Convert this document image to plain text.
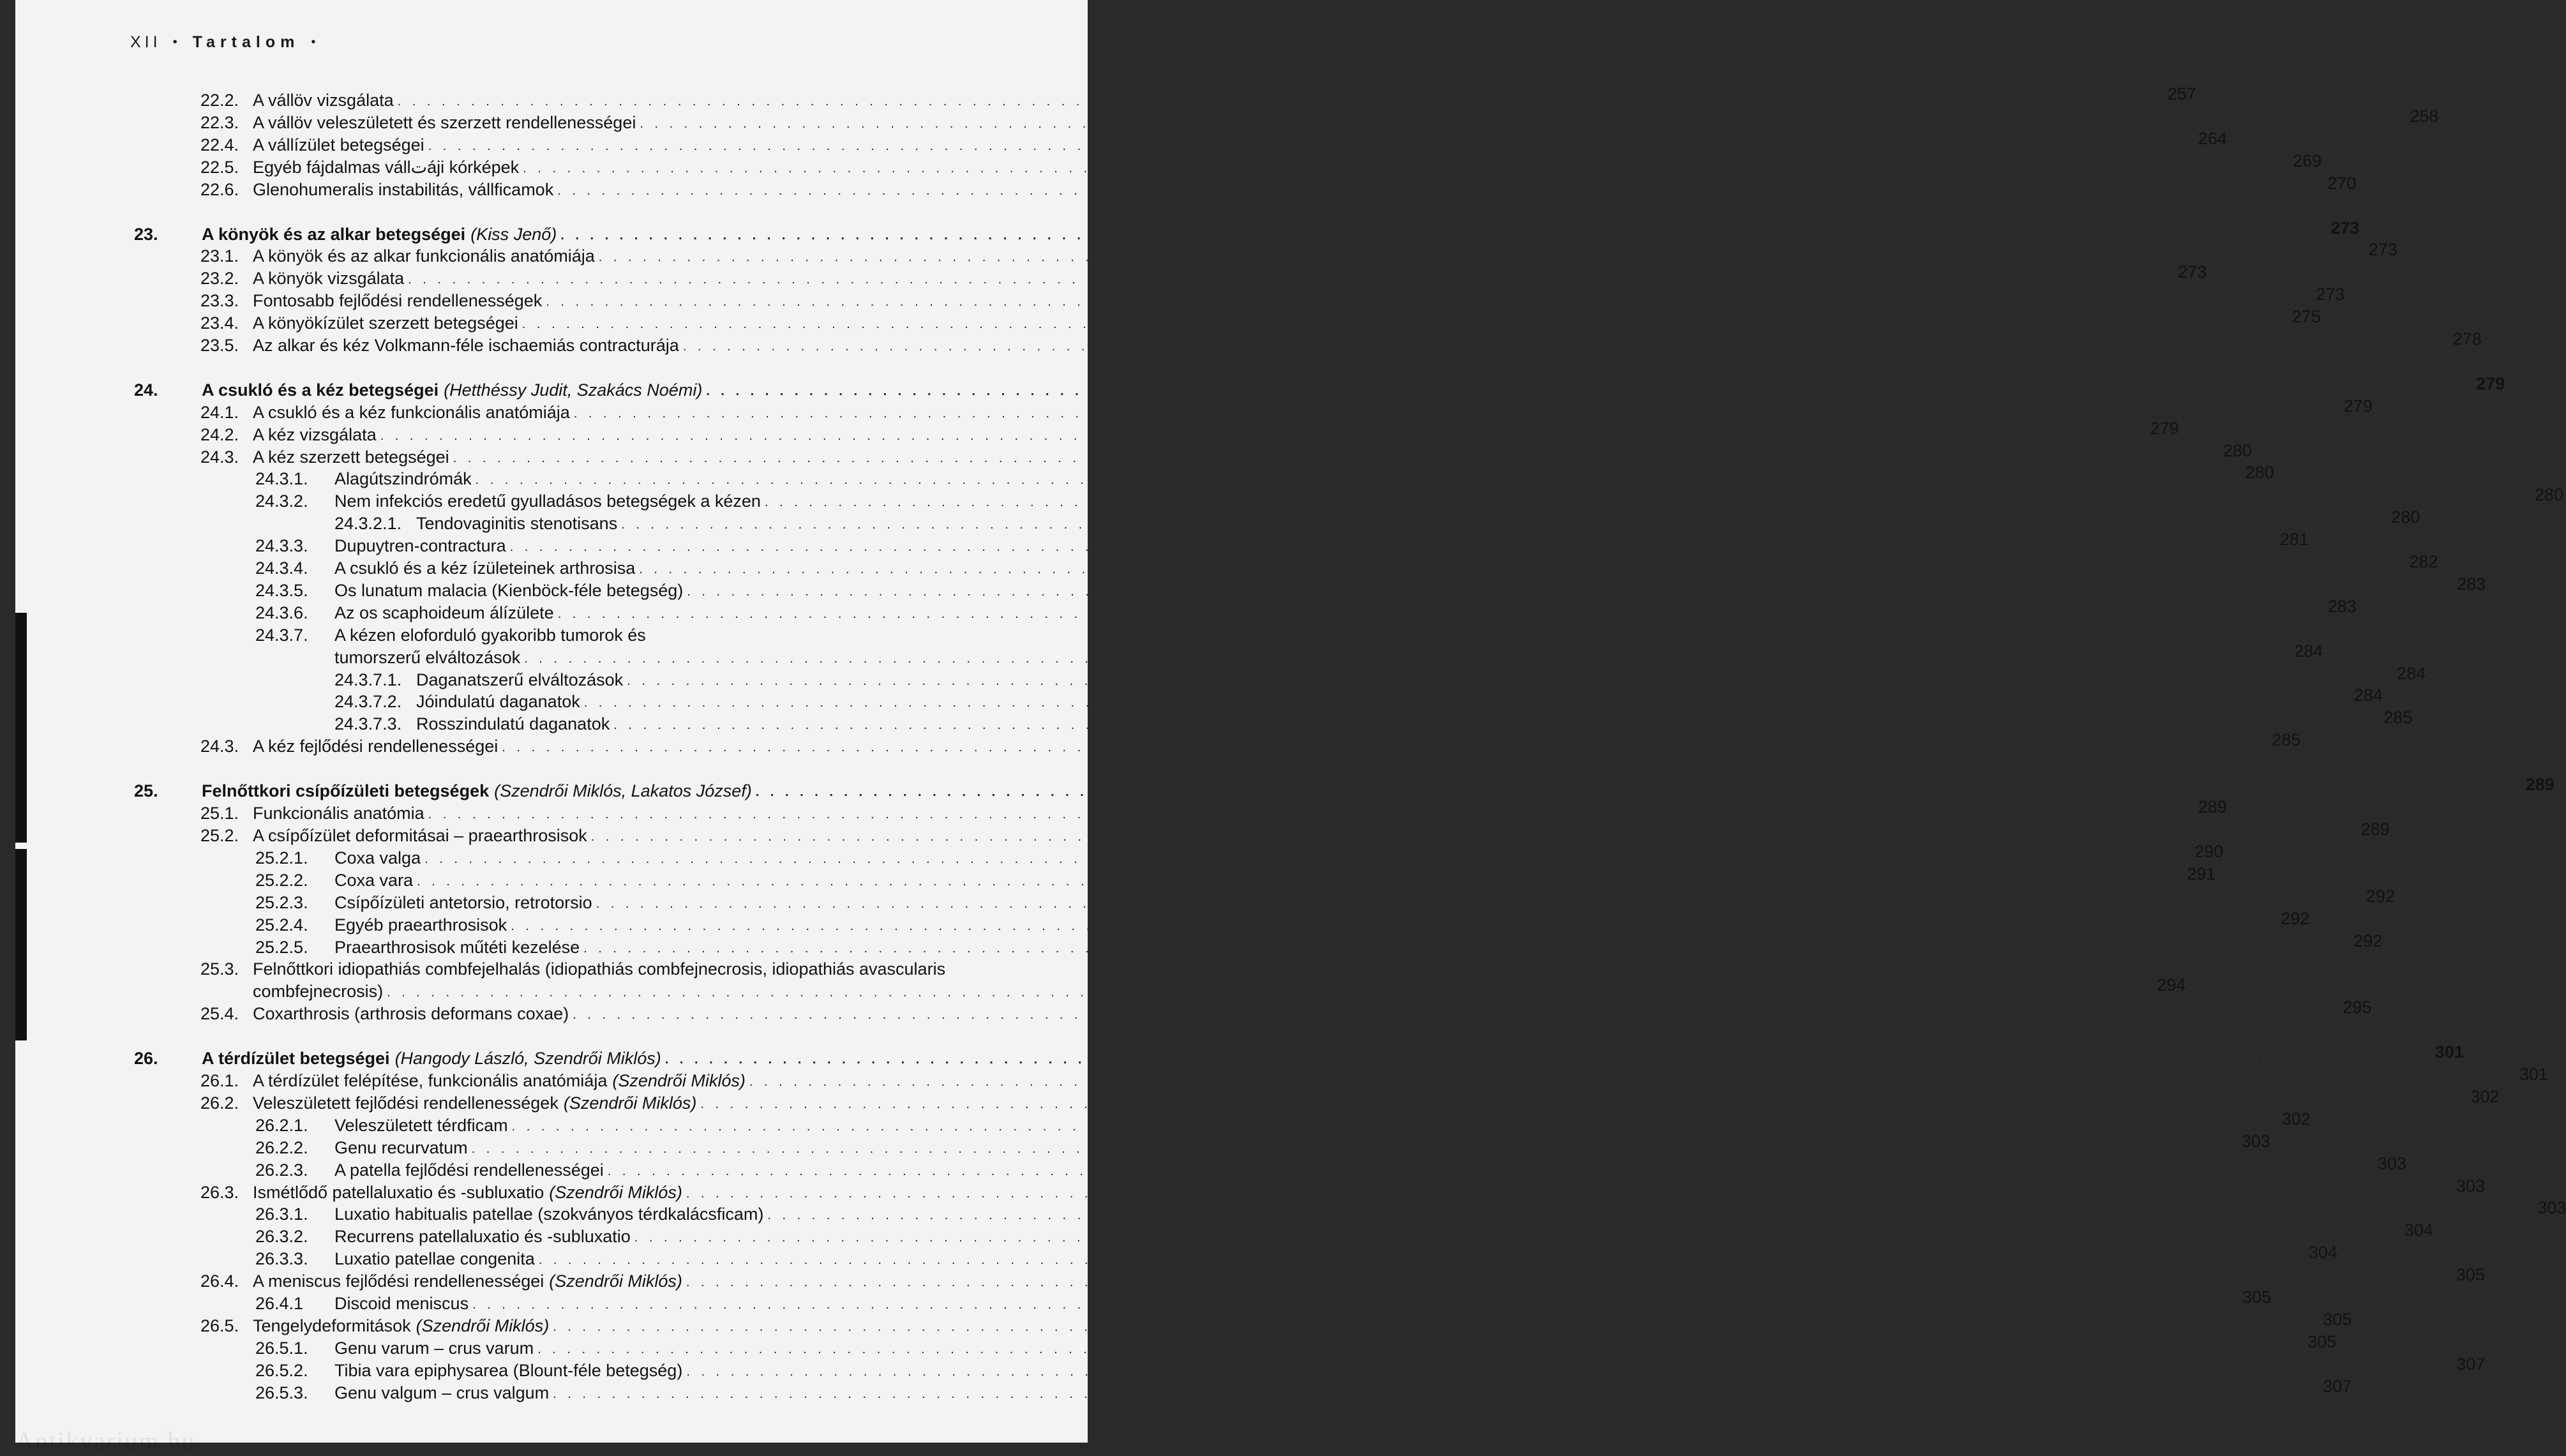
XII • Tartalom •
22.2. A vállöv vizsgálata . . . . . . . . . . . . . . . . . . . . . . . . . . . . . . . . . . . . . . . . . . . . . . . . . . . . . . . . . . . . . . . . . . . . . . . . . . . . . . . . . . . . . . . . . . . . . . . . . . . . . . . . . . . . . . . . . . . . . . . . 257
22.3. A vállöv veleszületett és szerzett rendellenességei . . . . . . . . . . . . . . . . . . . . . . . . . . . . . . . . . . . . . . . . . . . . . . . . . . . . . . . . . . . . . . . . . . . . . . . . . . . . . . . . . . . . . . . . . . . . . . . . . . . . . . . . . . . . . . . . . . . . . . . . 258
22.4. A vállízület betegségei . . . . . . . . . . . . . . . . . . . . . . . . . . . . . . . . . . . . . . . . . . . . . . . . . . . . . . . . . . . . . . . . . . . . . . . . . . . . . . . . . . . . . . . . . . . . . . . . . . . . . . . . . . . . . . . . . . . . . . . . 264
22.5. Egyéb fájdalmas vállتáji kórképek . . . . . . . . . . . . . . . . . . . . . . . . . . . . . . . . . . . . . . . . . . . . . . . . . . . . . . . . . . . . . . . . . . . . . . . . . . . . . . . . . . . . . . . . . . . . . . . . . . . . . . . . . . . . . . . . . . . . . . . . 269
22.6. Glenohumeralis instabilitás, vállficamok . . . . . . . . . . . . . . . . . . . . . . . . . . . . . . . . . . . . . . . . . . . . . . . . . . . . . . . . . . . . . . . . . . . . . . . . . . . . . . . . . . . . . . . . . . . . . . . . . . . . . . . . . . . . . . . . . . . . . . . . 270
23.	A könyök és az alkar betegségei (Kiss Jenő) . . . . . . . . . . . . . . . . . . . . . . . . . . . . . . . . . . . . . . . . . . . . . . . . . . . . . . . . . . . . . . . . . . . . . . . . . . . . . . . . . . . . . . . . . . . . . . . . . . . . . . . . . . . . . . . . . . . . . . . . 273
23.1. A könyök és az alkar funkcionális anatómiája . . . . . . . . . . . . . . . . . . . . . . . . . . . . . . . . . . . . . . . . . . . . . . . . . . . . . . . . . . . . . . . . . . . . . . . . . . . . . . . . . . . . . . . . . . . . . . . . . . . . . . . . . . . . . . . . . . . . . . . . 273
23.2. A könyök vizsgálata . . . . . . . . . . . . . . . . . . . . . . . . . . . . . . . . . . . . . . . . . . . . . . . . . . . . . . . . . . . . . . . . . . . . . . . . . . . . . . . . . . . . . . . . . . . . . . . . . . . . . . . . . . . . . . . . . . . . . . . . 273
23.3. Fontosabb fejlődési rendellenességek . . . . . . . . . . . . . . . . . . . . . . . . . . . . . . . . . . . . . . . . . . . . . . . . . . . . . . . . . . . . . . . . . . . . . . . . . . . . . . . . . . . . . . . . . . . . . . . . . . . . . . . . . . . . . . . . . . . . . . . . 273
23.4. A könyökízület szerzett betegségei . . . . . . . . . . . . . . . . . . . . . . . . . . . . . . . . . . . . . . . . . . . . . . . . . . . . . . . . . . . . . . . . . . . . . . . . . . . . . . . . . . . . . . . . . . . . . . . . . . . . . . . . . . . . . . . . . . . . . . . . 275
23.5. Az alkar és kéz Volkmann-féle ischaemiás contracturája . . . . . . . . . . . . . . . . . . . . . . . . . . . . . . . . . . . . . . . . . . . . . . . . . . . . . . . . . . . . . . . . . . . . . . . . . . . . . . . . . . . . . . . . . . . . . . . . . . . . . . . . . . . . . . . . . . . . . . . . 278
24.	A csukló és a kéz betegségei (Hetthéssy Judit, Szakács Noémi) . . . . . . . . . . . . . . . . . . . . . . . . . . . . . . . . . . . . . . . . . . . . . . . . . . . . . . . . . . . . . . . . . . . . . . . . . . . . . . . . . . . . . . . . . . . . . . . . . . . . . . . . . . . . . . . . . . . . . . . . 279
24.1. A csukló és a kéz funkcionális anatómiája . . . . . . . . . . . . . . . . . . . . . . . . . . . . . . . . . . . . . . . . . . . . . . . . . . . . . . . . . . . . . . . . . . . . . . . . . . . . . . . . . . . . . . . . . . . . . . . . . . . . . . . . . . . . . . . . . . . . . . . . 279
24.2. A kéz vizsgálata . . . . . . . . . . . . . . . . . . . . . . . . . . . . . . . . . . . . . . . . . . . . . . . . . . . . . . . . . . . . . . . . . . . . . . . . . . . . . . . . . . . . . . . . . . . . . . . . . . . . . . . . . . . . . . . . . . . . . . . . 279
24.3. A kéz szerzett betegségei . . . . . . . . . . . . . . . . . . . . . . . . . . . . . . . . . . . . . . . . . . . . . . . . . . . . . . . . . . . . . . . . . . . . . . . . . . . . . . . . . . . . . . . . . . . . . . . . . . . . . . . . . . . . . . . . . . . . . . . . 280
24.3.1.	Alagútszindrómák . . . . . . . . . . . . . . . . . . . . . . . . . . . . . . . . . . . . . . . . . . . . . . . . . . . . . . . . . . . . . . . . . . . . . . . . . . . . . . . . . . . . . . . . . . . . . . . . . . . . . . . . . . . . . . . . . . . . . . . . 280
24.3.2.	Nem infekciós eredetű gyulladásos betegségek a kézen . . . . . . . . . . . . . . . . . . . . . . . . . . . . . . . . . . . . . . . . . . . . . . . . . . . . . . . . . . . . . . . . . . . . . . . . . . . . . . . . . . . . . . . . . . . . . . . . . . . . . . . . . . . . . . . . . . . . . . . . 280
24.3.2.1. Tendovaginitis stenotisans . . . . . . . . . . . . . . . . . . . . . . . . . . . . . . . . . . . . . . . . . . . . . . . . . . . . . . . . . . . . . . . . . . . . . . . . . . . . . . . . . . . . . . . . . . . . . . . . . . . . . . . . . . . . . . . . . . . . . . . . 280
24.3.3.	Dupuytren-contractura . . . . . . . . . . . . . . . . . . . . . . . . . . . . . . . . . . . . . . . . . . . . . . . . . . . . . . . . . . . . . . . . . . . . . . . . . . . . . . . . . . . . . . . . . . . . . . . . . . . . . . . . . . . . . . . . . . . . . . . . 281
24.3.4.	A csukló és a kéz ízületeinek arthrosisa . . . . . . . . . . . . . . . . . . . . . . . . . . . . . . . . . . . . . . . . . . . . . . . . . . . . . . . . . . . . . . . . . . . . . . . . . . . . . . . . . . . . . . . . . . . . . . . . . . . . . . . . . . . . . . . . . . . . . . . . 282
24.3.5.	Os lunatum malacia (Kienböck-féle betegség) . . . . . . . . . . . . . . . . . . . . . . . . . . . . . . . . . . . . . . . . . . . . . . . . . . . . . . . . . . . . . . . . . . . . . . . . . . . . . . . . . . . . . . . . . . . . . . . . . . . . . . . . . . . . . . . . . . . . . . . . 283
24.3.6.	Az os scaphoideum álízülete . . . . . . . . . . . . . . . . . . . . . . . . . . . . . . . . . . . . . . . . . . . . . . . . . . . . . . . . . . . . . . . . . . . . . . . . . . . . . . . . . . . . . . . . . . . . . . . . . . . . . . . . . . . . . . . . . . . . . . . . 283
24.3.7.	A kézen eloforduló gyakoribb tumorok és
tumorszerű elváltozások . . . . . . . . . . . . . . . . . . . . . . . . . . . . . . . . . . . . . . . . . . . . . . . . . . . . . . . . . . . . . . . . . . . . . . . . . . . . . . . . . . . . . . . . . . . . . . . . . . . . . . . . . . . . . . . . . . . . . . . . 284
24.3.7.1. Daganatszerű elváltozások . . . . . . . . . . . . . . . . . . . . . . . . . . . . . . . . . . . . . . . . . . . . . . . . . . . . . . . . . . . . . . . . . . . . . . . . . . . . . . . . . . . . . . . . . . . . . . . . . . . . . . . . . . . . . . . . . . . . . . . . 284
24.3.7.2. Jóindulatú daganatok . . . . . . . . . . . . . . . . . . . . . . . . . . . . . . . . . . . . . . . . . . . . . . . . . . . . . . . . . . . . . . . . . . . . . . . . . . . . . . . . . . . . . . . . . . . . . . . . . . . . . . . . . . . . . . . . . . . . . . . . 284
24.3.7.3. Rosszindulatú daganatok . . . . . . . . . . . . . . . . . . . . . . . . . . . . . . . . . . . . . . . . . . . . . . . . . . . . . . . . . . . . . . . . . . . . . . . . . . . . . . . . . . . . . . . . . . . . . . . . . . . . . . . . . . . . . . . . . . . . . . . . 285
24.3. A kéz fejlődési rendellenességei . . . . . . . . . . . . . . . . . . . . . . . . . . . . . . . . . . . . . . . . . . . . . . . . . . . . . . . . . . . . . . . . . . . . . . . . . . . . . . . . . . . . . . . . . . . . . . . . . . . . . . . . . . . . . . . . . . . . . . . . 285
25.	Felnőttkori csípőízületi betegségek (Szendrői Miklós, Lakatos József) . . . . . . . . . . . . . . . . . . . . . . . . . . . . . . . . . . . . . . . . . . . . . . . . . . . . . . . . . . . . . . . . . . . . . . . . . . . . . . . . . . . . . . . . . . . . . . . . . . . . . . . . . . . . . . . . . . . . . . . . 289
25.1. Funkcionális anatómia . . . . . . . . . . . . . . . . . . . . . . . . . . . . . . . . . . . . . . . . . . . . . . . . . . . . . . . . . . . . . . . . . . . . . . . . . . . . . . . . . . . . . . . . . . . . . . . . . . . . . . . . . . . . . . . . . . . . . . . . 289
25.2. A csípőízület deformitásai – praearthrosisok . . . . . . . . . . . . . . . . . . . . . . . . . . . . . . . . . . . . . . . . . . . . . . . . . . . . . . . . . . . . . . . . . . . . . . . . . . . . . . . . . . . . . . . . . . . . . . . . . . . . . . . . . . . . . . . . . . . . . . . . 289
25.2.1.	Coxa valga . . . . . . . . . . . . . . . . . . . . . . . . . . . . . . . . . . . . . . . . . . . . . . . . . . . . . . . . . . . . . . . . . . . . . . . . . . . . . . . . . . . . . . . . . . . . . . . . . . . . . . . . . . . . . . . . . . . . . . . . 290
25.2.2.	Coxa vara . . . . . . . . . . . . . . . . . . . . . . . . . . . . . . . . . . . . . . . . . . . . . . . . . . . . . . . . . . . . . . . . . . . . . . . . . . . . . . . . . . . . . . . . . . . . . . . . . . . . . . . . . . . . . . . . . . . . . . . . 291
25.2.3.	Csípőízületi antetorsio, retrotorsio . . . . . . . . . . . . . . . . . . . . . . . . . . . . . . . . . . . . . . . . . . . . . . . . . . . . . . . . . . . . . . . . . . . . . . . . . . . . . . . . . . . . . . . . . . . . . . . . . . . . . . . . . . . . . . . . . . . . . . . . 292
25.2.4.	Egyéb praearthrosisok . . . . . . . . . . . . . . . . . . . . . . . . . . . . . . . . . . . . . . . . . . . . . . . . . . . . . . . . . . . . . . . . . . . . . . . . . . . . . . . . . . . . . . . . . . . . . . . . . . . . . . . . . . . . . . . . . . . . . . . . 292
25.2.5.	Praearthrosisok műtéti kezelése . . . . . . . . . . . . . . . . . . . . . . . . . . . . . . . . . . . . . . . . . . . . . . . . . . . . . . . . . . . . . . . . . . . . . . . . . . . . . . . . . . . . . . . . . . . . . . . . . . . . . . . . . . . . . . . . . . . . . . . . 292
25.3. Felnőttkori idiopathiás combfejelhalás (idiopathiás combfejnecrosis, idiopathiás avascularis
combfejnecrosis) . . . . . . . . . . . . . . . . . . . . . . . . . . . . . . . . . . . . . . . . . . . . . . . . . . . . . . . . . . . . . . . . . . . . . . . . . . . . . . . . . . . . . . . . . . . . . . . . . . . . . . . . . . . . . . . . . . . . . . . . 294
25.4. Coxarthrosis (arthrosis deformans coxae) . . . . . . . . . . . . . . . . . . . . . . . . . . . . . . . . . . . . . . . . . . . . . . . . . . . . . . . . . . . . . . . . . . . . . . . . . . . . . . . . . . . . . . . . . . . . . . . . . . . . . . . . . . . . . . . . . . . . . . . . 295
26.	A térdízület betegségei (Hangody László, Szendrői Miklós) . . . . . . . . . . . . . . . . . . . . . . . . . . . . . . . . . . . . . . . . . . . . . . . . . . . . . . . . . . . . . . . . . . . . . . . . . . . . . . . . . . . . . . . . . . . . . . . . . . . . . . . . . . . . . . . . . . . . . . . . 301
26.1. A térdízület felépítése, funkcionális anatómiája (Szendrői Miklós) . . . . . . . . . . . . . . . . . . . . . . . . . . . . . . . . . . . . . . . . . . . . . . . . . . . . . . . . . . . . . . . . . . . . . . . . . . . . . . . . . . . . . . . . . . . . . . . . . . . . . . . . . . . . . . . . . . . . . . . . 301
26.2. Veleszületett fejlődési rendellenességek (Szendrői Miklós) . . . . . . . . . . . . . . . . . . . . . . . . . . . . . . . . . . . . . . . . . . . . . . . . . . . . . . . . . . . . . . . . . . . . . . . . . . . . . . . . . . . . . . . . . . . . . . . . . . . . . . . . . . . . . . . . . . . . . . . . 302
26.2.1.	Veleszületett térdficam . . . . . . . . . . . . . . . . . . . . . . . . . . . . . . . . . . . . . . . . . . . . . . . . . . . . . . . . . . . . . . . . . . . . . . . . . . . . . . . . . . . . . . . . . . . . . . . . . . . . . . . . . . . . . . . . . . . . . . . . 302
26.2.2.	Genu recurvatum . . . . . . . . . . . . . . . . . . . . . . . . . . . . . . . . . . . . . . . . . . . . . . . . . . . . . . . . . . . . . . . . . . . . . . . . . . . . . . . . . . . . . . . . . . . . . . . . . . . . . . . . . . . . . . . . . . . . . . . . 303
26.2.3.	A patella fejlődési rendellenességei . . . . . . . . . . . . . . . . . . . . . . . . . . . . . . . . . . . . . . . . . . . . . . . . . . . . . . . . . . . . . . . . . . . . . . . . . . . . . . . . . . . . . . . . . . . . . . . . . . . . . . . . . . . . . . . . . . . . . . . . 303
26.3. Ismétlődő patellaluxatio és -subluxatio (Szendrői Miklós) . . . . . . . . . . . . . . . . . . . . . . . . . . . . . . . . . . . . . . . . . . . . . . . . . . . . . . . . . . . . . . . . . . . . . . . . . . . . . . . . . . . . . . . . . . . . . . . . . . . . . . . . . . . . . . . . . . . . . . . . 303
26.3.1.	Luxatio habitualis patellae (szokványos térdkalácsficam) . . . . . . . . . . . . . . . . . . . . . . . . . . . . . . . . . . . . . . . . . . . . . . . . . . . . . . . . . . . . . . . . . . . . . . . . . . . . . . . . . . . . . . . . . . . . . . . . . . . . . . . . . . . . . . . . . . . . . . . . 303
26.3.2.	Recurrens patellaluxatio és -subluxatio . . . . . . . . . . . . . . . . . . . . . . . . . . . . . . . . . . . . . . . . . . . . . . . . . . . . . . . . . . . . . . . . . . . . . . . . . . . . . . . . . . . . . . . . . . . . . . . . . . . . . . . . . . . . . . . . . . . . . . . . 304
26.3.3.	Luxatio patellae congenita . . . . . . . . . . . . . . . . . . . . . . . . . . . . . . . . . . . . . . . . . . . . . . . . . . . . . . . . . . . . . . . . . . . . . . . . . . . . . . . . . . . . . . . . . . . . . . . . . . . . . . . . . . . . . . . . . . . . . . . . 304
26.4. A meniscus fejlődési rendellenességei (Szendrői Miklós) . . . . . . . . . . . . . . . . . . . . . . . . . . . . . . . . . . . . . . . . . . . . . . . . . . . . . . . . . . . . . . . . . . . . . . . . . . . . . . . . . . . . . . . . . . . . . . . . . . . . . . . . . . . . . . . . . . . . . . . . 305
26.4.1	Discoid meniscus . . . . . . . . . . . . . . . . . . . . . . . . . . . . . . . . . . . . . . . . . . . . . . . . . . . . . . . . . . . . . . . . . . . . . . . . . . . . . . . . . . . . . . . . . . . . . . . . . . . . . . . . . . . . . . . . . . . . . . . . 305
26.5. Tengelydeformitások (Szendrői Miklós) . . . . . . . . . . . . . . . . . . . . . . . . . . . . . . . . . . . . . . . . . . . . . . . . . . . . . . . . . . . . . . . . . . . . . . . . . . . . . . . . . . . . . . . . . . . . . . . . . . . . . . . . . . . . . . . . . . . . . . . . 305
26.5.1.	Genu varum – crus varum . . . . . . . . . . . . . . . . . . . . . . . . . . . . . . . . . . . . . . . . . . . . . . . . . . . . . . . . . . . . . . . . . . . . . . . . . . . . . . . . . . . . . . . . . . . . . . . . . . . . . . . . . . . . . . . . . . . . . . . . 305
26.5.2.	Tibia vara epiphysarea (Blount-féle betegség) . . . . . . . . . . . . . . . . . . . . . . . . . . . . . . . . . . . . . . . . . . . . . . . . . . . . . . . . . . . . . . . . . . . . . . . . . . . . . . . . . . . . . . . . . . . . . . . . . . . . . . . . . . . . . . . . . . . . . . . . 307
26.5.3.	Genu valgum – crus valgum . . . . . . . . . . . . . . . . . . . . . . . . . . . . . . . . . . . . . . . . . . . . . . . . . . . . . . . . . . . . . . . . . . . . . . . . . . . . . . . . . . . . . . . . . . . . . . . . . . . . . . . . . . . . . . . . . . . . . . . . 307
Antikvarium.hu
